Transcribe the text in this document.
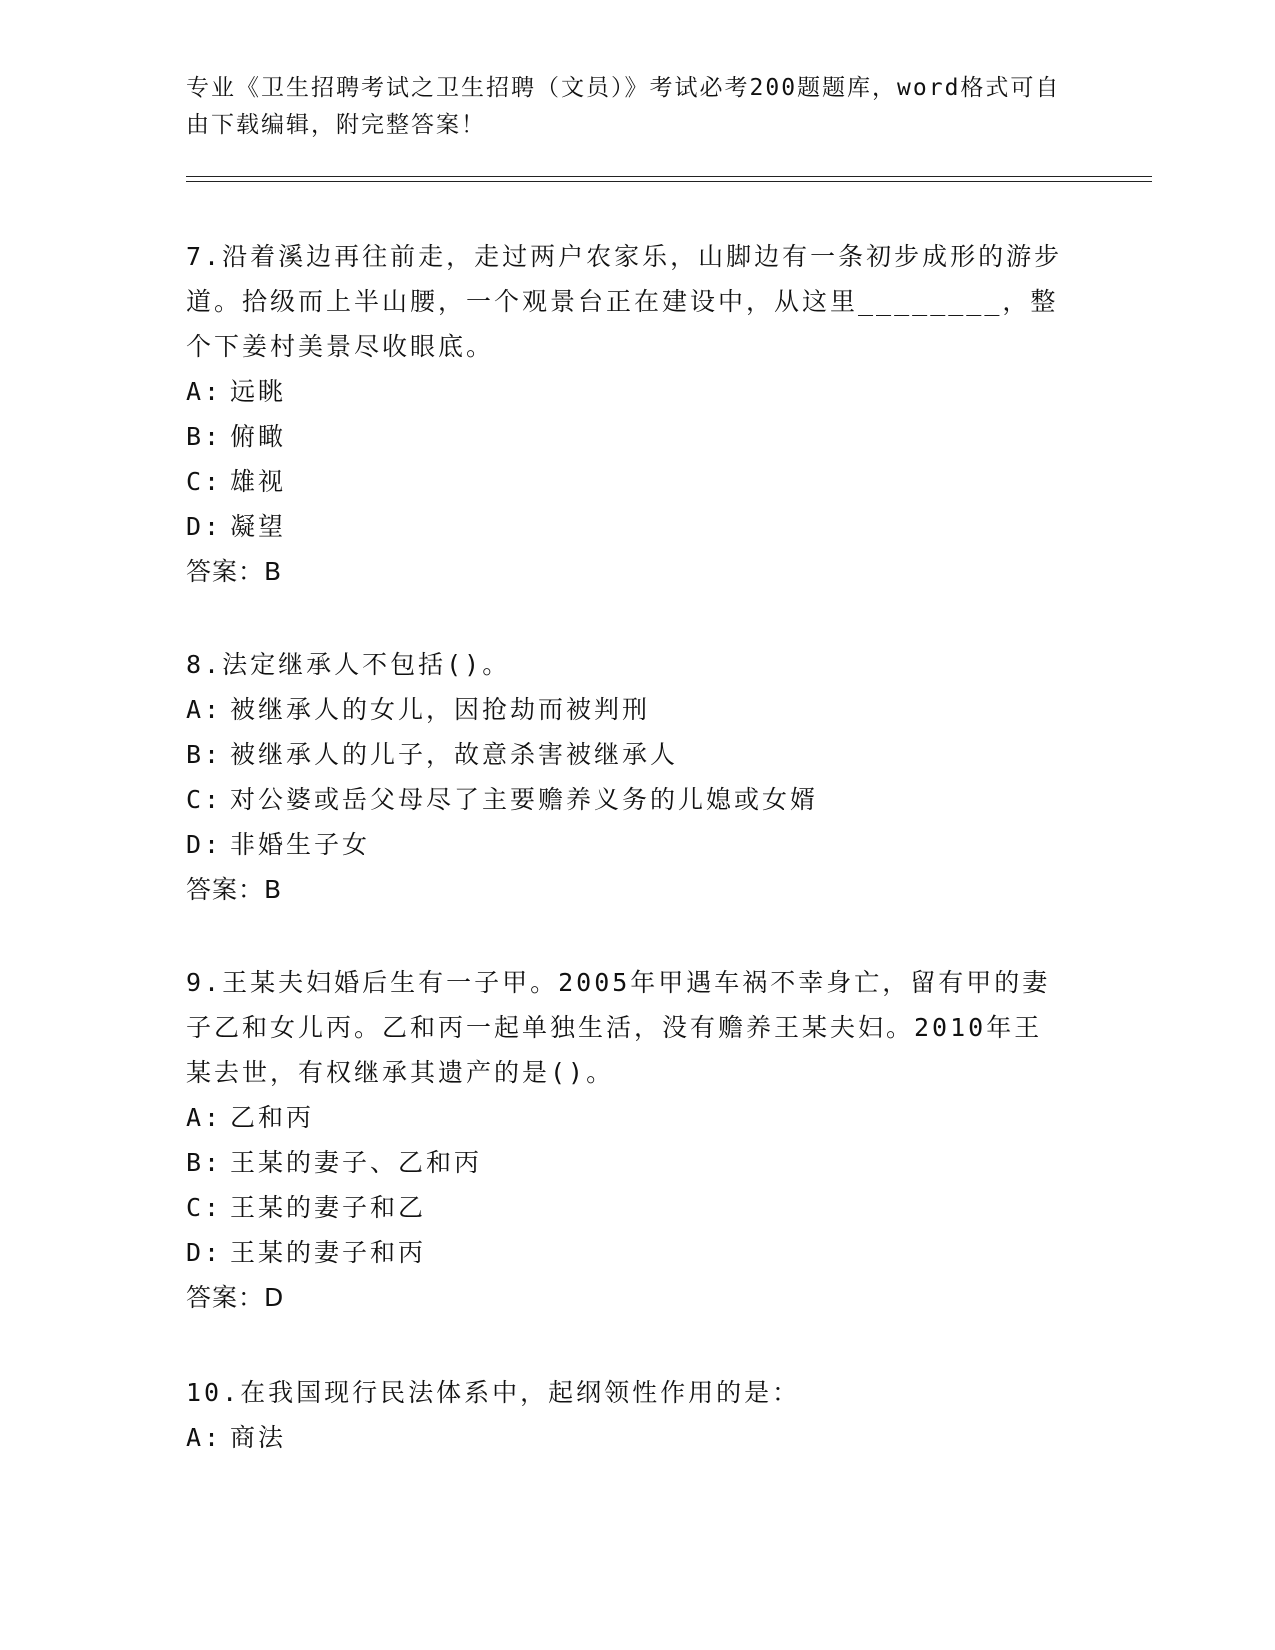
专业《卫生招聘考试之卫生招聘（文员）》考试必考200题题库，word格式可自由下载编辑，附完整答案！
7.沿着溪边再往前走，走过两户农家乐，山脚边有一条初步成形的游步道。拾级而上半山腰，一个观景台正在建设中，从这里________，整个下姜村美景尽收眼底。
A: 远眺
B: 俯瞰
C: 雄视
D: 凝望
答案：B
8.法定继承人不包括()。
A: 被继承人的女儿，因抢劫而被判刑
B: 被继承人的儿子，故意杀害被继承人
C: 对公婆或岳父母尽了主要赡养义务的儿媳或女婿
D: 非婚生子女
答案：B
9.王某夫妇婚后生有一子甲。2005年甲遇车祸不幸身亡，留有甲的妻子乙和女儿丙。乙和丙一起单独生活，没有赡养王某夫妇。2010年王某去世，有权继承其遗产的是()。
A: 乙和丙
B: 王某的妻子、乙和丙
C: 王某的妻子和乙
D: 王某的妻子和丙
答案：D
10.在我国现行民法体系中，起纲领性作用的是：
A: 商法
